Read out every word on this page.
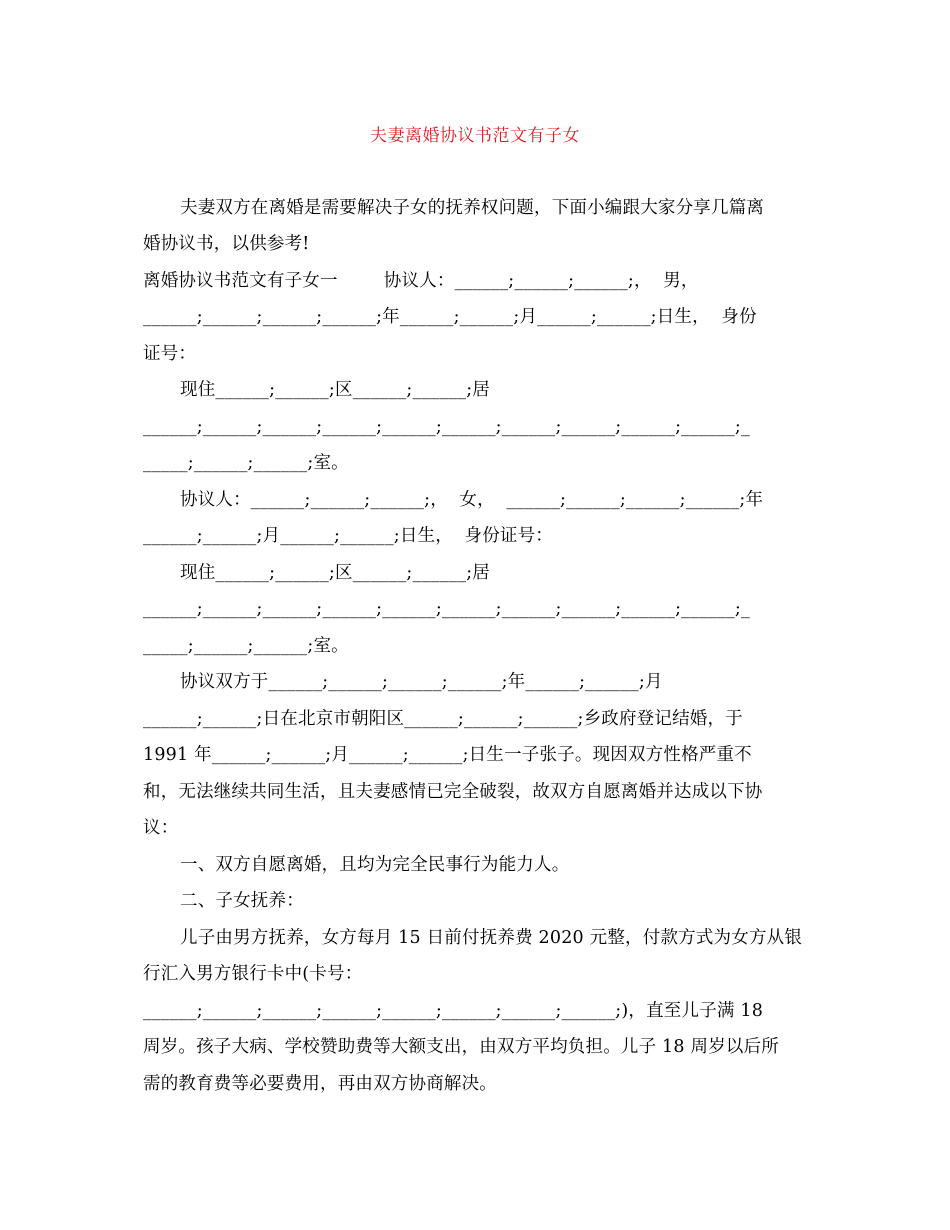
夫妻离婚协议书范文有子女
夫妻双方在离婚是需要解决子女的抚养权问题，下面小编跟大家分享几篇离
婚协议书，以供参考!
离婚协议书范文有子女一        协议人：______;______;______;，  男，
______;______;______;______;年______;______;月______;______;日生，  身份
证号：
现住______;______;区______;______;居
______;______;______;______;______;______;______;______;______;______;_
_____;______;______;室。
协议人：______;______;______;，  女，  ______;______;______;______;年
______;______;月______;______;日生，  身份证号：
现住______;______;区______;______;居
______;______;______;______;______;______;______;______;______;______;_
_____;______;______;室。
协议双方于______;______;______;______;年______;______;月
______;______;日在北京市朝阳区______;______;______;乡政府登记结婚，于
1991 年______;______;月______;______;日生一子张子。现因双方性格严重不
和，无法继续共同生活，且夫妻感情已完全破裂，故双方自愿离婚并达成以下协
议：
一、双方自愿离婚，且均为完全民事行为能力人。
二、子女抚养：
儿子由男方抚养，女方每月 15 日前付抚养费 2020 元整，付款方式为女方从银
行汇入男方银行卡中(卡号：
______;______;______;______;______;______;______;______;)，直至儿子满 18
周岁。孩子大病、学校赞助费等大额支出，由双方平均负担。儿子 18 周岁以后所
需的教育费等必要费用，再由双方协商解决。
